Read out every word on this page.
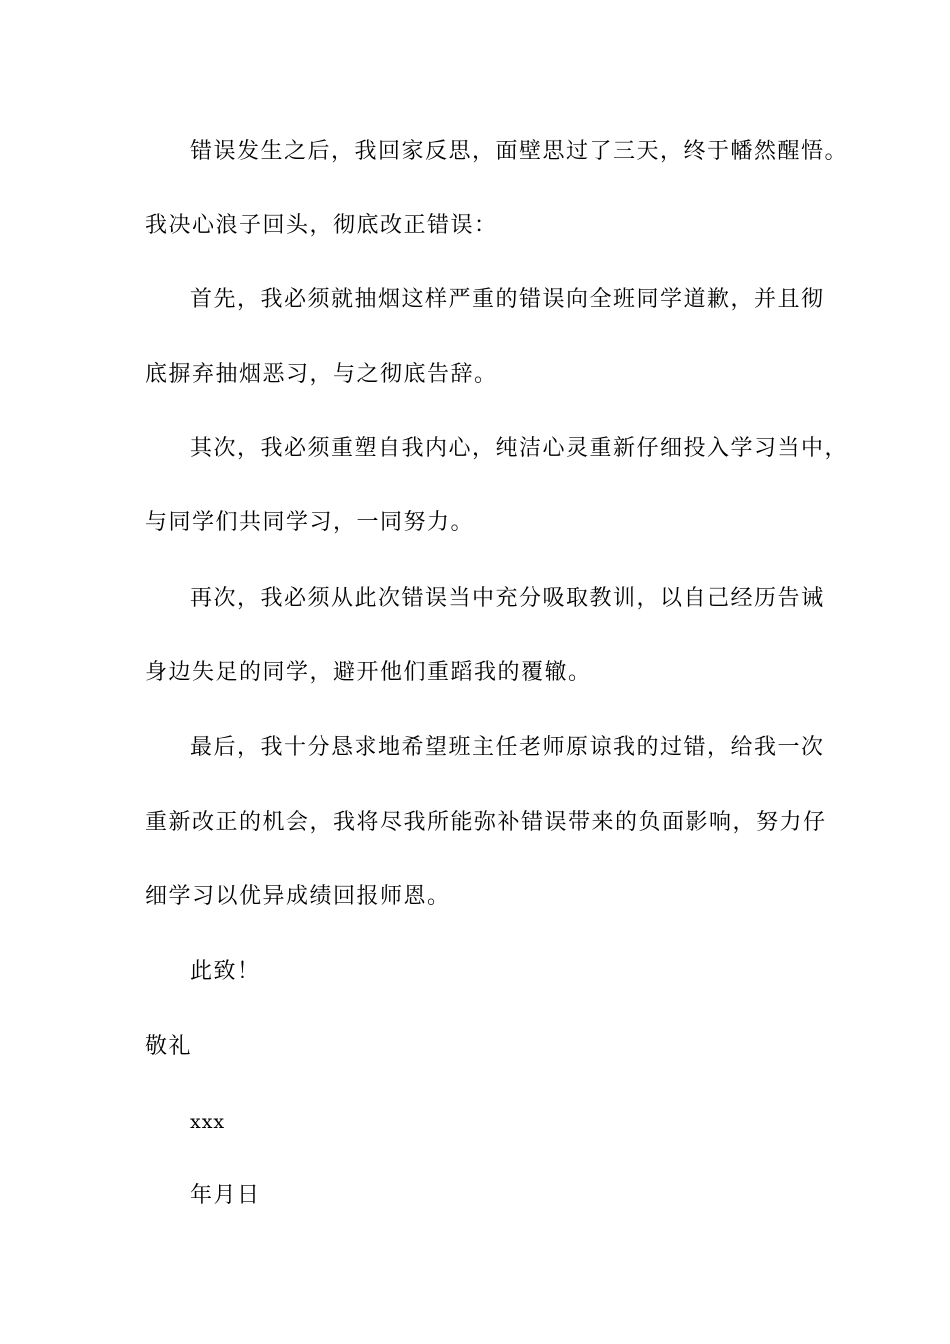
错误发生之后，我回家反思，面壁思过了三天，终于幡然醒悟。
我决心浪子回头，彻底改正错误：
首先，我必须就抽烟这样严重的错误向全班同学道歉，并且彻
底摒弃抽烟恶习，与之彻底告辞。
其次，我必须重塑自我内心，纯洁心灵重新仔细投入学习当中，
与同学们共同学习，一同努力。
再次，我必须从此次错误当中充分吸取教训，以自己经历告诫
身边失足的同学，避开他们重蹈我的覆辙。
最后，我十分恳求地希望班主任老师原谅我的过错，给我一次
重新改正的机会，我将尽我所能弥补错误带来的负面影响，努力仔
细学习以优异成绩回报师恩。
此致！
敬礼
xxx
年月日
